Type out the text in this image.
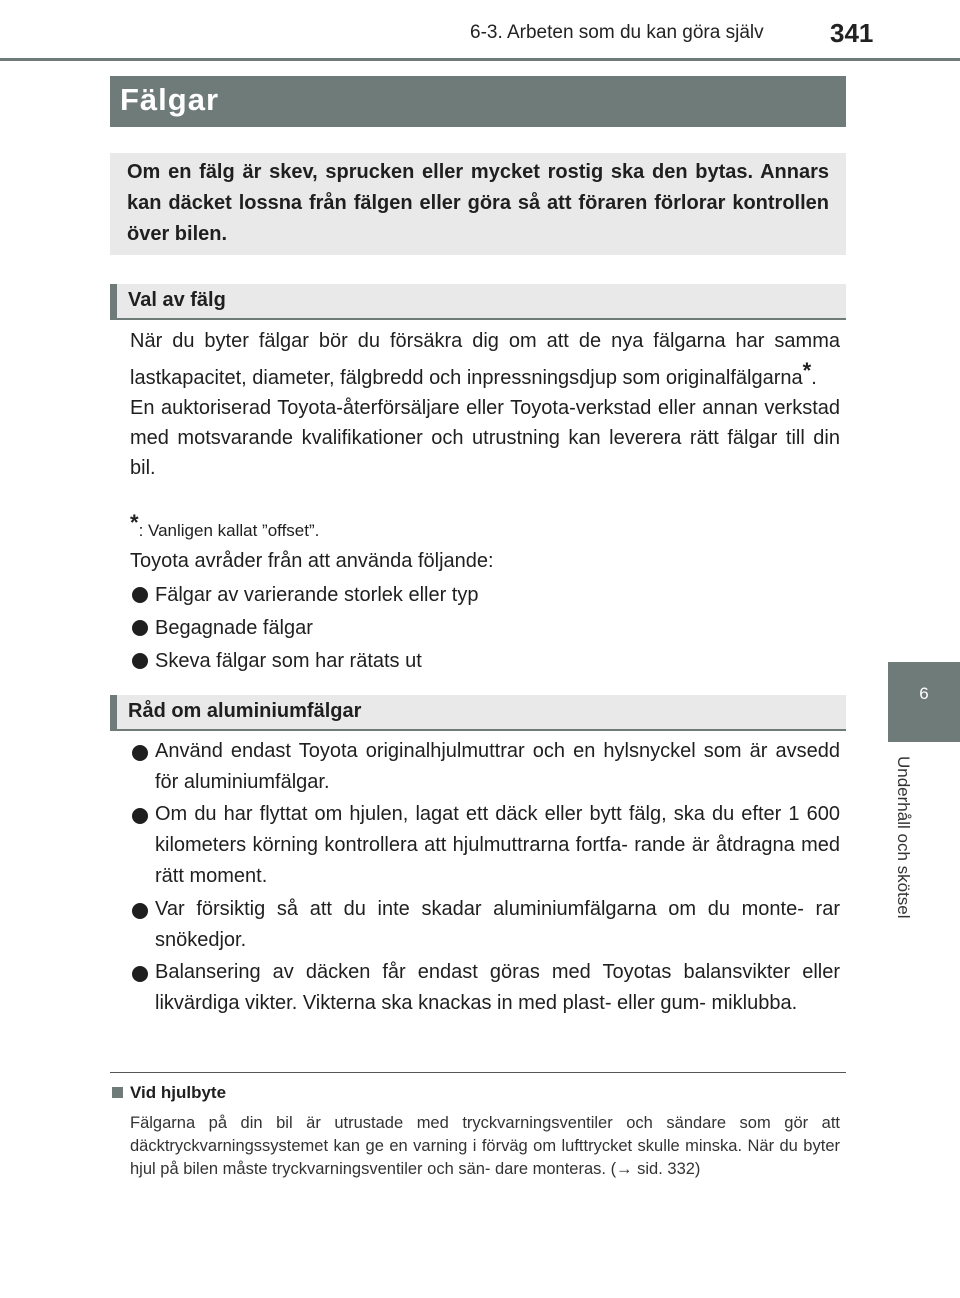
6-3. Arbeten som du kan göra själv	341
6
Underhåll och skötsel
Fälgar

Om en fälg är skev, sprucken eller mycket rostig ska den bytas. Annars kan däcket lossna från fälgen eller göra så att föraren förlorar kontrollen över bilen.

Val av fälg

När du byter fälgar bör du försäkra dig om att de nya fälgarna har samma lastkapacitet, diameter, fälgbredd och inpressningsdjup som originalfälgarna*.

En auktoriserad Toyota-återförsäljare eller Toyota-verkstad eller annan verkstad med motsvarande kvalifikationer och utrustning kan leverera rätt fälgar till din bil.

*: Vanligen kallat ”offset”.
Toyota avråder från att använda följande:
Fälgar av varierande storlek eller typ
Begagnade fälgar
Skeva fälgar som har rätats ut
Råd om aluminiumfälgar
Använd endast Toyota originalhjulmuttrar och en hylsnyckel som är avsedd för aluminiumfälgar.
Om du har flyttat om hjulen, lagat ett däck eller bytt fälg, ska du efter 1 600 kilometers körning kontrollera att hjulmuttrarna fortfa- rande är åtdragna med rätt moment.
Var försiktig så att du inte skadar aluminiumfälgarna om du monte- rar snökedjor.
Balansering av däcken får endast göras med Toyotas balansvikter eller likvärdiga vikter. Vikterna ska knackas in med plast- eller gum- miklubba.
Vid hjulbyte
Fälgarna på din bil är utrustade med tryckvarningsventiler och sändare som gör att däcktryckvarningssystemet kan ge en varning i förväg om lufttrycket skulle minska. När du byter hjul på bilen måste tryckvarningsventiler och sän- dare monteras. (→ sid. 332)
